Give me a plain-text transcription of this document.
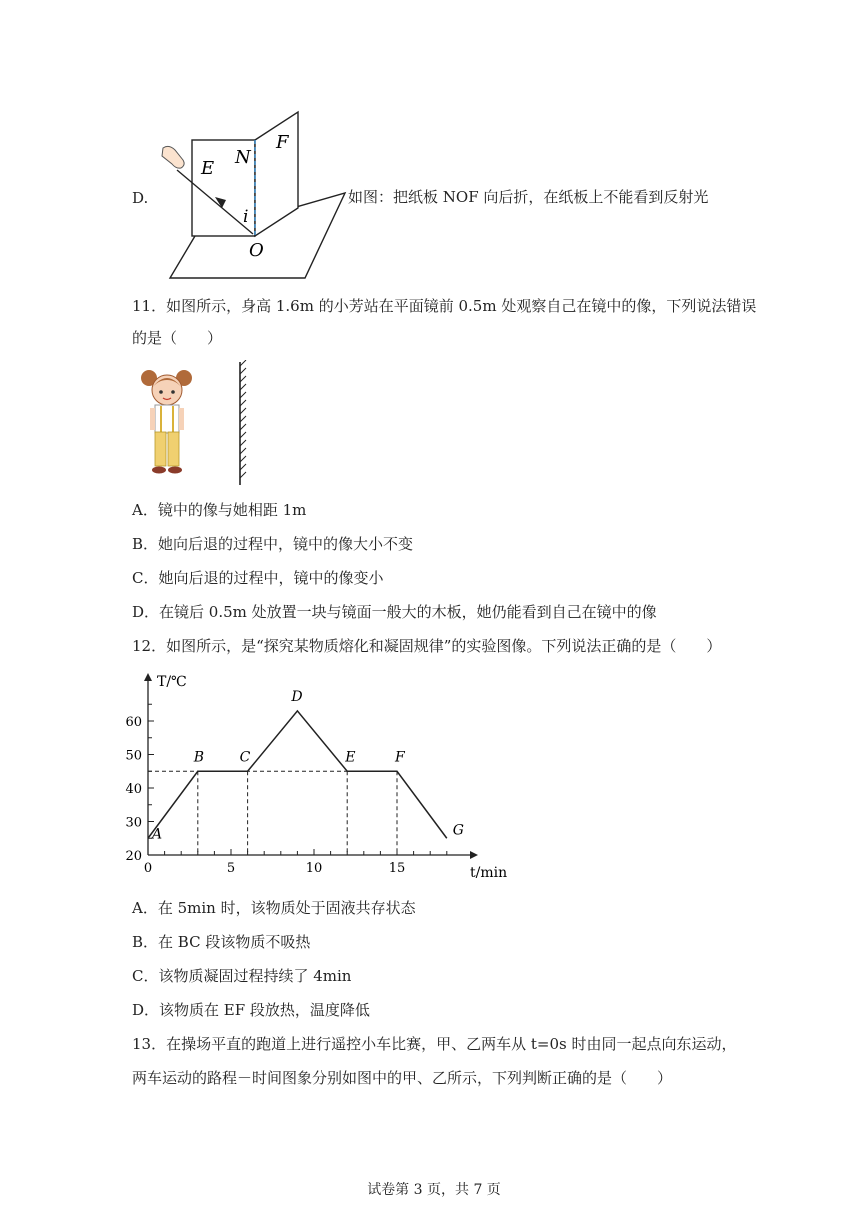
D.
E
N
F
i
O
如图：把纸板 NOF 向后折，在纸板上不能看到反射光
11．如图所示，身高 1.6m 的小芳站在平面镜前 0.5m 处观察自己在镜中的像，下列说法错误
的是（　　）
A．镜中的像与她相距 1m
B．她向后退的过程中，镜中的像大小不变
C．她向后退的过程中，镜中的像变小
D．在镜后 0.5m 处放置一块与镜面一般大的木板，她仍能看到自己在镜中的像
12．如图所示，是“探究某物质熔化和凝固规律”的实验图像。下列说法正确的是（　　）
T/℃
t/min
0	5	10	15
20
30
40
50
60
A
B	C
D
E	F
G
A．在 5min 时，该物质处于固液共存状态
B．在 BC 段该物质不吸热
C．该物质凝固过程持续了 4min
D．该物质在 EF 段放热，温度降低
13．在操场平直的跑道上进行遥控小车比赛，甲、乙两车从 t=0s 时由同一起点向东运动，
两车运动的路程－时间图象分别如图中的甲、乙所示，下列判断正确的是（　　）
试卷第 3 页，共 7 页
